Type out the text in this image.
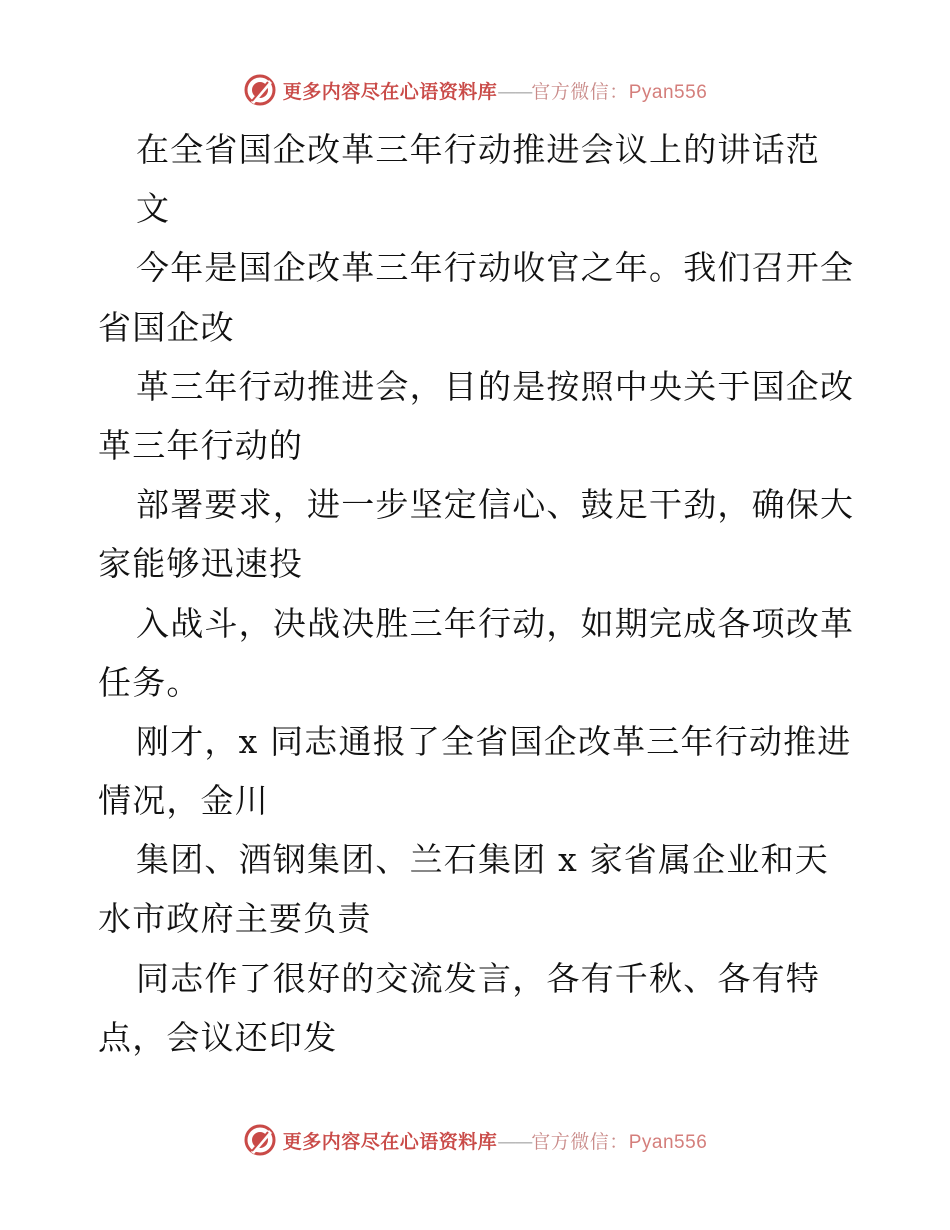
更多内容尽在心语资料库——官方微信：Pyan556
在全省国企改革三年行动推进会议上的讲话范
文
今年是国企改革三年行动收官之年。我们召开全
省国企改
革三年行动推进会，目的是按照中央关于国企改
革三年行动的
部署要求，进一步坚定信心、鼓足干劲，确保大
家能够迅速投
入战斗，决战决胜三年行动，如期完成各项改革
任务。
刚才，x 同志通报了全省国企改革三年行动推进
情况，金川
集团、酒钢集团、兰石集团 x 家省属企业和天
水市政府主要负责
同志作了很好的交流发言，各有千秋、各有特
点，会议还印发
更多内容尽在心语资料库——官方微信：Pyan556
